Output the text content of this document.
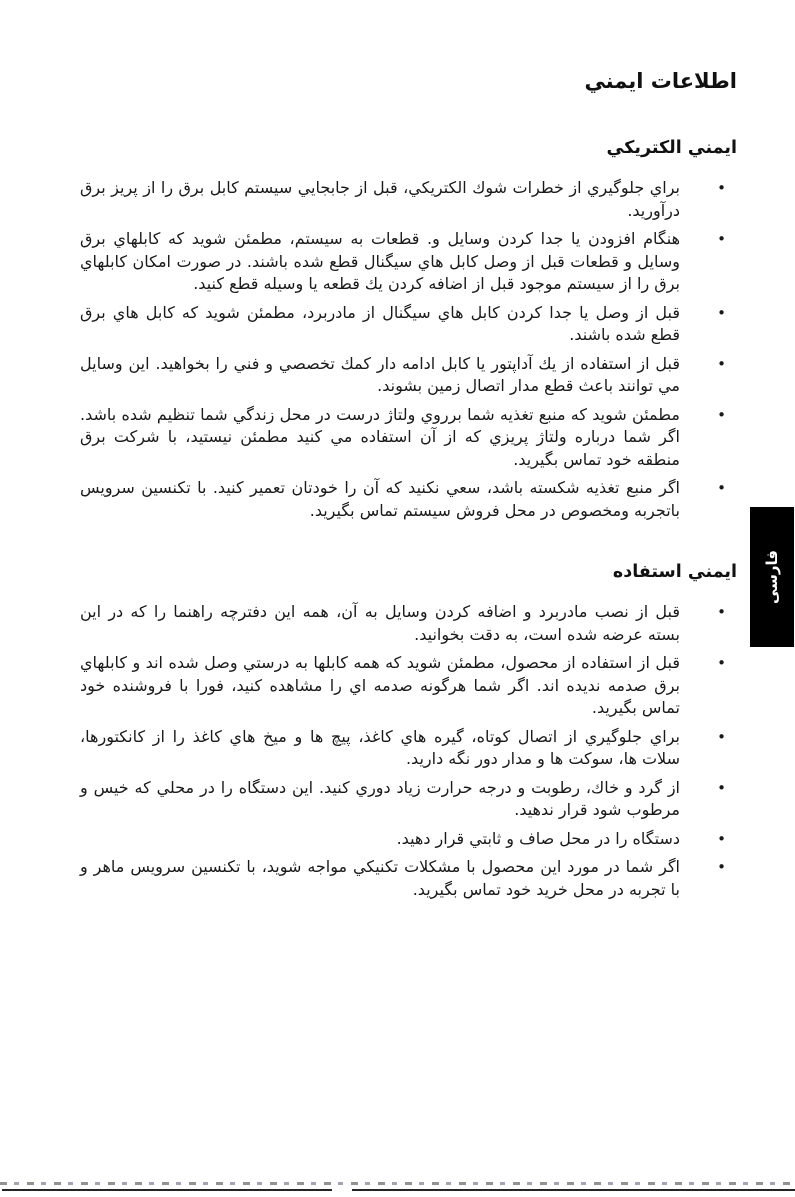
اطلاعات ايمني
ايمني الكتريكي
• براي جلوگيري از خطرات شوك الكتريكي، قبل از جابجايي سيستم كابل برق را از پريز برق درآوريد.
• هنگام افزودن يا جدا كردن وسايل و. قطعات به سيستم، مطمئن شويد كه كابلهاي برق وسايل و قطعات قبل از وصل كابل هاي سيگنال قطع شده باشند. در صورت امكان كابلهاي برق را از سيستم موجود قبل از اضافه كردن يك قطعه يا وسيله قطع كنيد.
• قبل از وصل يا جدا كردن كابل هاي سيگنال از مادربرد، مطمئن شويد كه كابل هاي برق قطع شده باشند.
• قبل از استفاده از يك آداپتور يا كابل ادامه دار كمك تخصصي و فني را بخواهيد. اين وسايل مي توانند باعث قطع مدار اتصال زمين بشوند.
• مطمئن شويد كه منبع تغذيه شما برروي ولتاژ درست در محل زندگي شما تنظيم شده باشد. اگر شما درباره ولتاژ پريزي كه از آن استفاده مي كنيد مطمئن نيستيد، با شركت برق منطقه خود تماس بگيريد.
• اگر منبع تغذيه شكسته باشد، سعي نكنيد كه آن را خودتان تعمير كنيد. با تكنسين سرويس باتجربه ومخصوص در محل فروش سيستم تماس بگيريد.
ايمني استفاده
• قبل از نصب مادربرد و اضافه كردن وسايل به آن، همه اين دفترچه راهنما را كه در اين بسته عرضه شده است، به دقت بخوانيد.
• قبل از استفاده از محصول، مطمئن شويد كه همه كابلها به درستي وصل شده اند و كابلهاي برق صدمه نديده اند. اگر شما هرگونه صدمه اي را مشاهده كنيد، فورا با فروشنده خود تماس بگيريد.
• براي جلوگيري از اتصال كوتاه، گيره هاي كاغذ، پيچ ها و ميخ هاي كاغذ را از كانكتورها، سلات ها، سوكت ها و مدار دور نگه داريد.
• از گرد و خاك، رطوبت و درجه حرارت زياد دوري كنيد. اين دستگاه را در محلي كه خيس و مرطوب شود قرار ندهيد.
• دستگاه را در محل صاف و ثابتي قرار دهيد.
• اگر شما در مورد اين محصول با مشكلات تكنيكي مواجه شويد، با تكنسين سرويس ماهر و با تجربه در محل خريد خود تماس بگيريد.
فارسی
